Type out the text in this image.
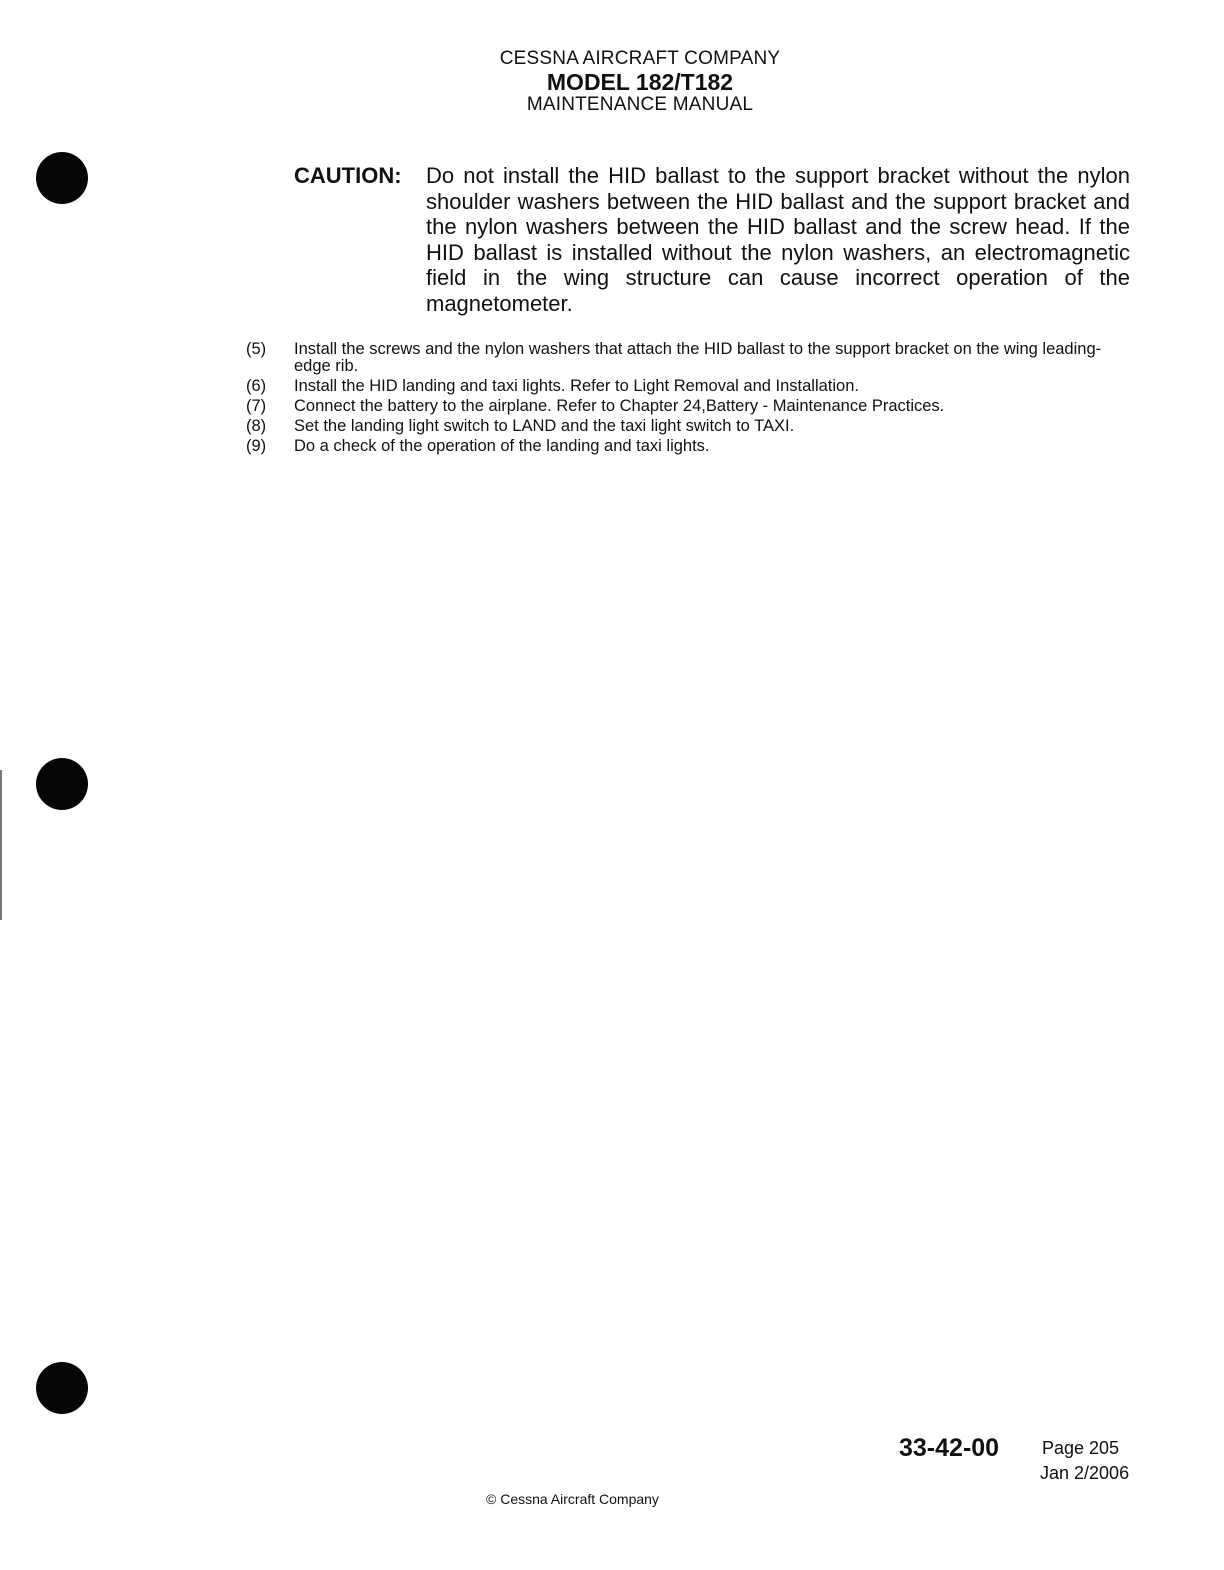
CESSNA AIRCRAFT COMPANY
MODEL 182/T182
MAINTENANCE MANUAL
CAUTION: Do not install the HID ballast to the support bracket without the nylon shoulder washers between the HID ballast and the support bracket and the nylon washers between the HID ballast and the screw head. If the HID ballast is installed without the nylon washers, an electromagnetic field in the wing structure can cause incorrect operation of the magnetometer.
(5) Install the screws and the nylon washers that attach the HID ballast to the support bracket on the wing leading-edge rib.
(6) Install the HID landing and taxi lights. Refer to Light Removal and Installation.
(7) Connect the battery to the airplane. Refer to Chapter 24,Battery - Maintenance Practices.
(8) Set the landing light switch to LAND and the taxi light switch to TAXI.
(9) Do a check of the operation of the landing and taxi lights.
33-42-00 Page 205
Jan 2/2006
© Cessna Aircraft Company
